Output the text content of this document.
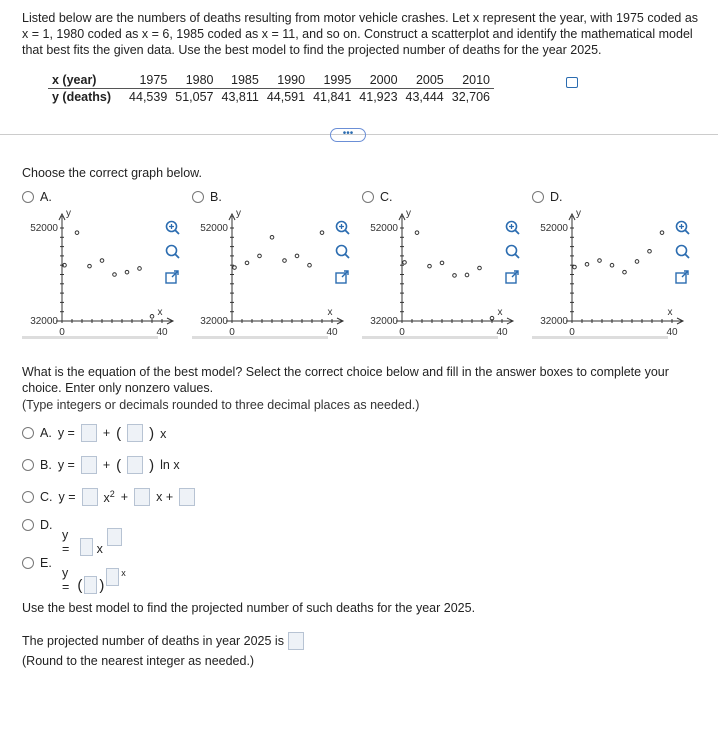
Listed below are the numbers of deaths resulting from motor vehicle crashes. Let x represent the year, with 1975 coded as x = 1, 1980 coded as x = 6, 1985 coded as x = 11, and so on. Construct a scatterplot and identify the mathematical model that best fits the given data. Use the best model to find the projected number of deaths for the year 2025.
x (year)	1975	1980	1985	1990	1995	2000	2005	2010
y (deaths)	44,539	51,057	43,811	44,591	41,841	41,923	43,444	32,706
•••
Choose the correct graph below.
A.
52000
32000
0	40
y
x
B.
52000
32000
0	40
y
x
C.
52000
32000
0	40
y
x
D.
52000
32000
0	40
y
x
What is the equation of the best model? Select the correct choice below and fill in the answer boxes to complete your choice. Enter only nonzero values.
(Type integers or decimals rounded to three decimal places as needed.)
A. y = + ( ) x
B. y = + ( ) ln x
C. $y = x^2 + x$ +
D.
y =	x
E.
y = ( )
x
Use the best model to find the projected number of such deaths for the year 2025.
The projected number of deaths in year 2025 is
(Round to the nearest integer as needed.)
